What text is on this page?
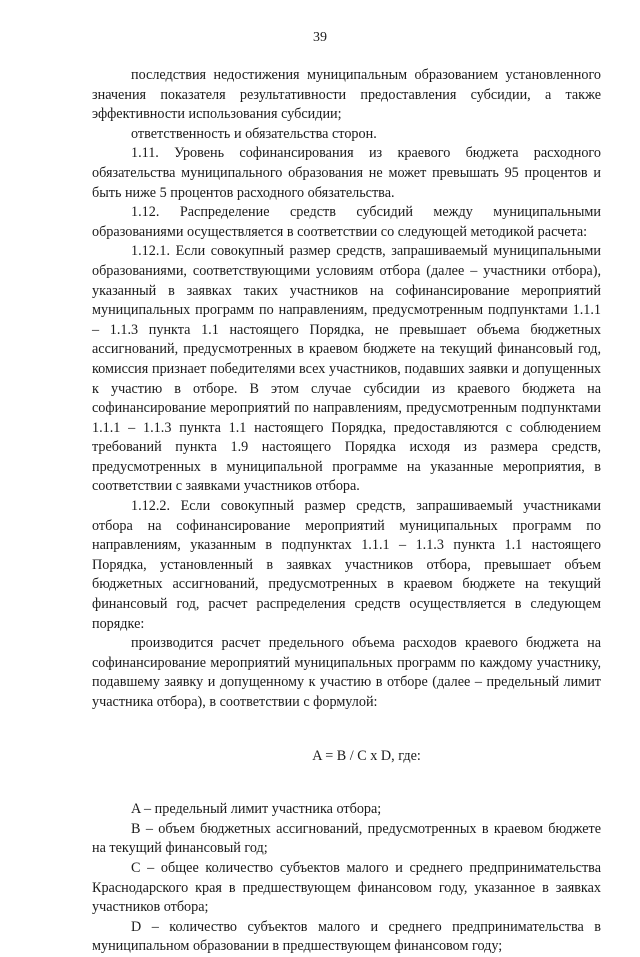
39

последствия недостижения муниципальным образованием установленного значения показателя результативности предоставления субсидии, а также эффективности использования субсидии;

ответственность и обязательства сторон.

1.11. Уровень софинансирования из краевого бюджета расходного обязательства муниципального образования не может превышать 95 процентов и быть ниже 5 процентов расходного обязательства.

1.12. Распределение средств субсидий между муниципальными образованиями осуществляется в соответствии со следующей методикой расчета:

1.12.1. Если совокупный размер средств, запрашиваемый муниципальными образованиями, соответствующими условиям отбора (далее – участники отбора), указанный в заявках таких участников на софинансирование мероприятий муниципальных программ по направлениям, предусмотренным подпунктами 1.1.1 – 1.1.3 пункта 1.1 настоящего Порядка, не превышает объема бюджетных ассигнований, предусмотренных в краевом бюджете на текущий финансовый год, комиссия признает победителями всех участников, подавших заявки и допущенных к участию в отборе. В этом случае субсидии из краевого бюджета на софинансирование мероприятий по направлениям, предусмотренным подпунктами 1.1.1 – 1.1.3 пункта 1.1 настоящего Порядка, предоставляются с соблюдением требований пункта 1.9 настоящего Порядка исходя из размера средств, предусмотренных в муниципальной программе на указанные мероприятия, в соответствии с заявками участников отбора.

1.12.2. Если совокупный размер средств, запрашиваемый участниками отбора на софинансирование мероприятий муниципальных программ по направлениям, указанным в подпунктах 1.1.1 – 1.1.3 пункта 1.1 настоящего Порядка, установленный в заявках участников отбора, превышает объем бюджетных ассигнований, предусмотренных в краевом бюджете на текущий финансовый год, расчет распределения средств осуществляется в следующем порядке:

производится расчет предельного объема расходов краевого бюджета на софинансирование мероприятий муниципальных программ по каждому участнику, подавшему заявку и допущенному к участию в отборе (далее – предельный лимит участника отбора), в соответствии с формулой:

A = B / C x D, где:

A – предельный лимит участника отбора;

B – объем бюджетных ассигнований, предусмотренных в краевом бюджете на текущий финансовый год;

C – общее количество субъектов малого и среднего предпринимательства Краснодарского края в предшествующем финансовом году, указанное в заявках участников отбора;

D – количество субъектов малого и среднего предпринимательства в муниципальном образовании в предшествующем финансовом году;
